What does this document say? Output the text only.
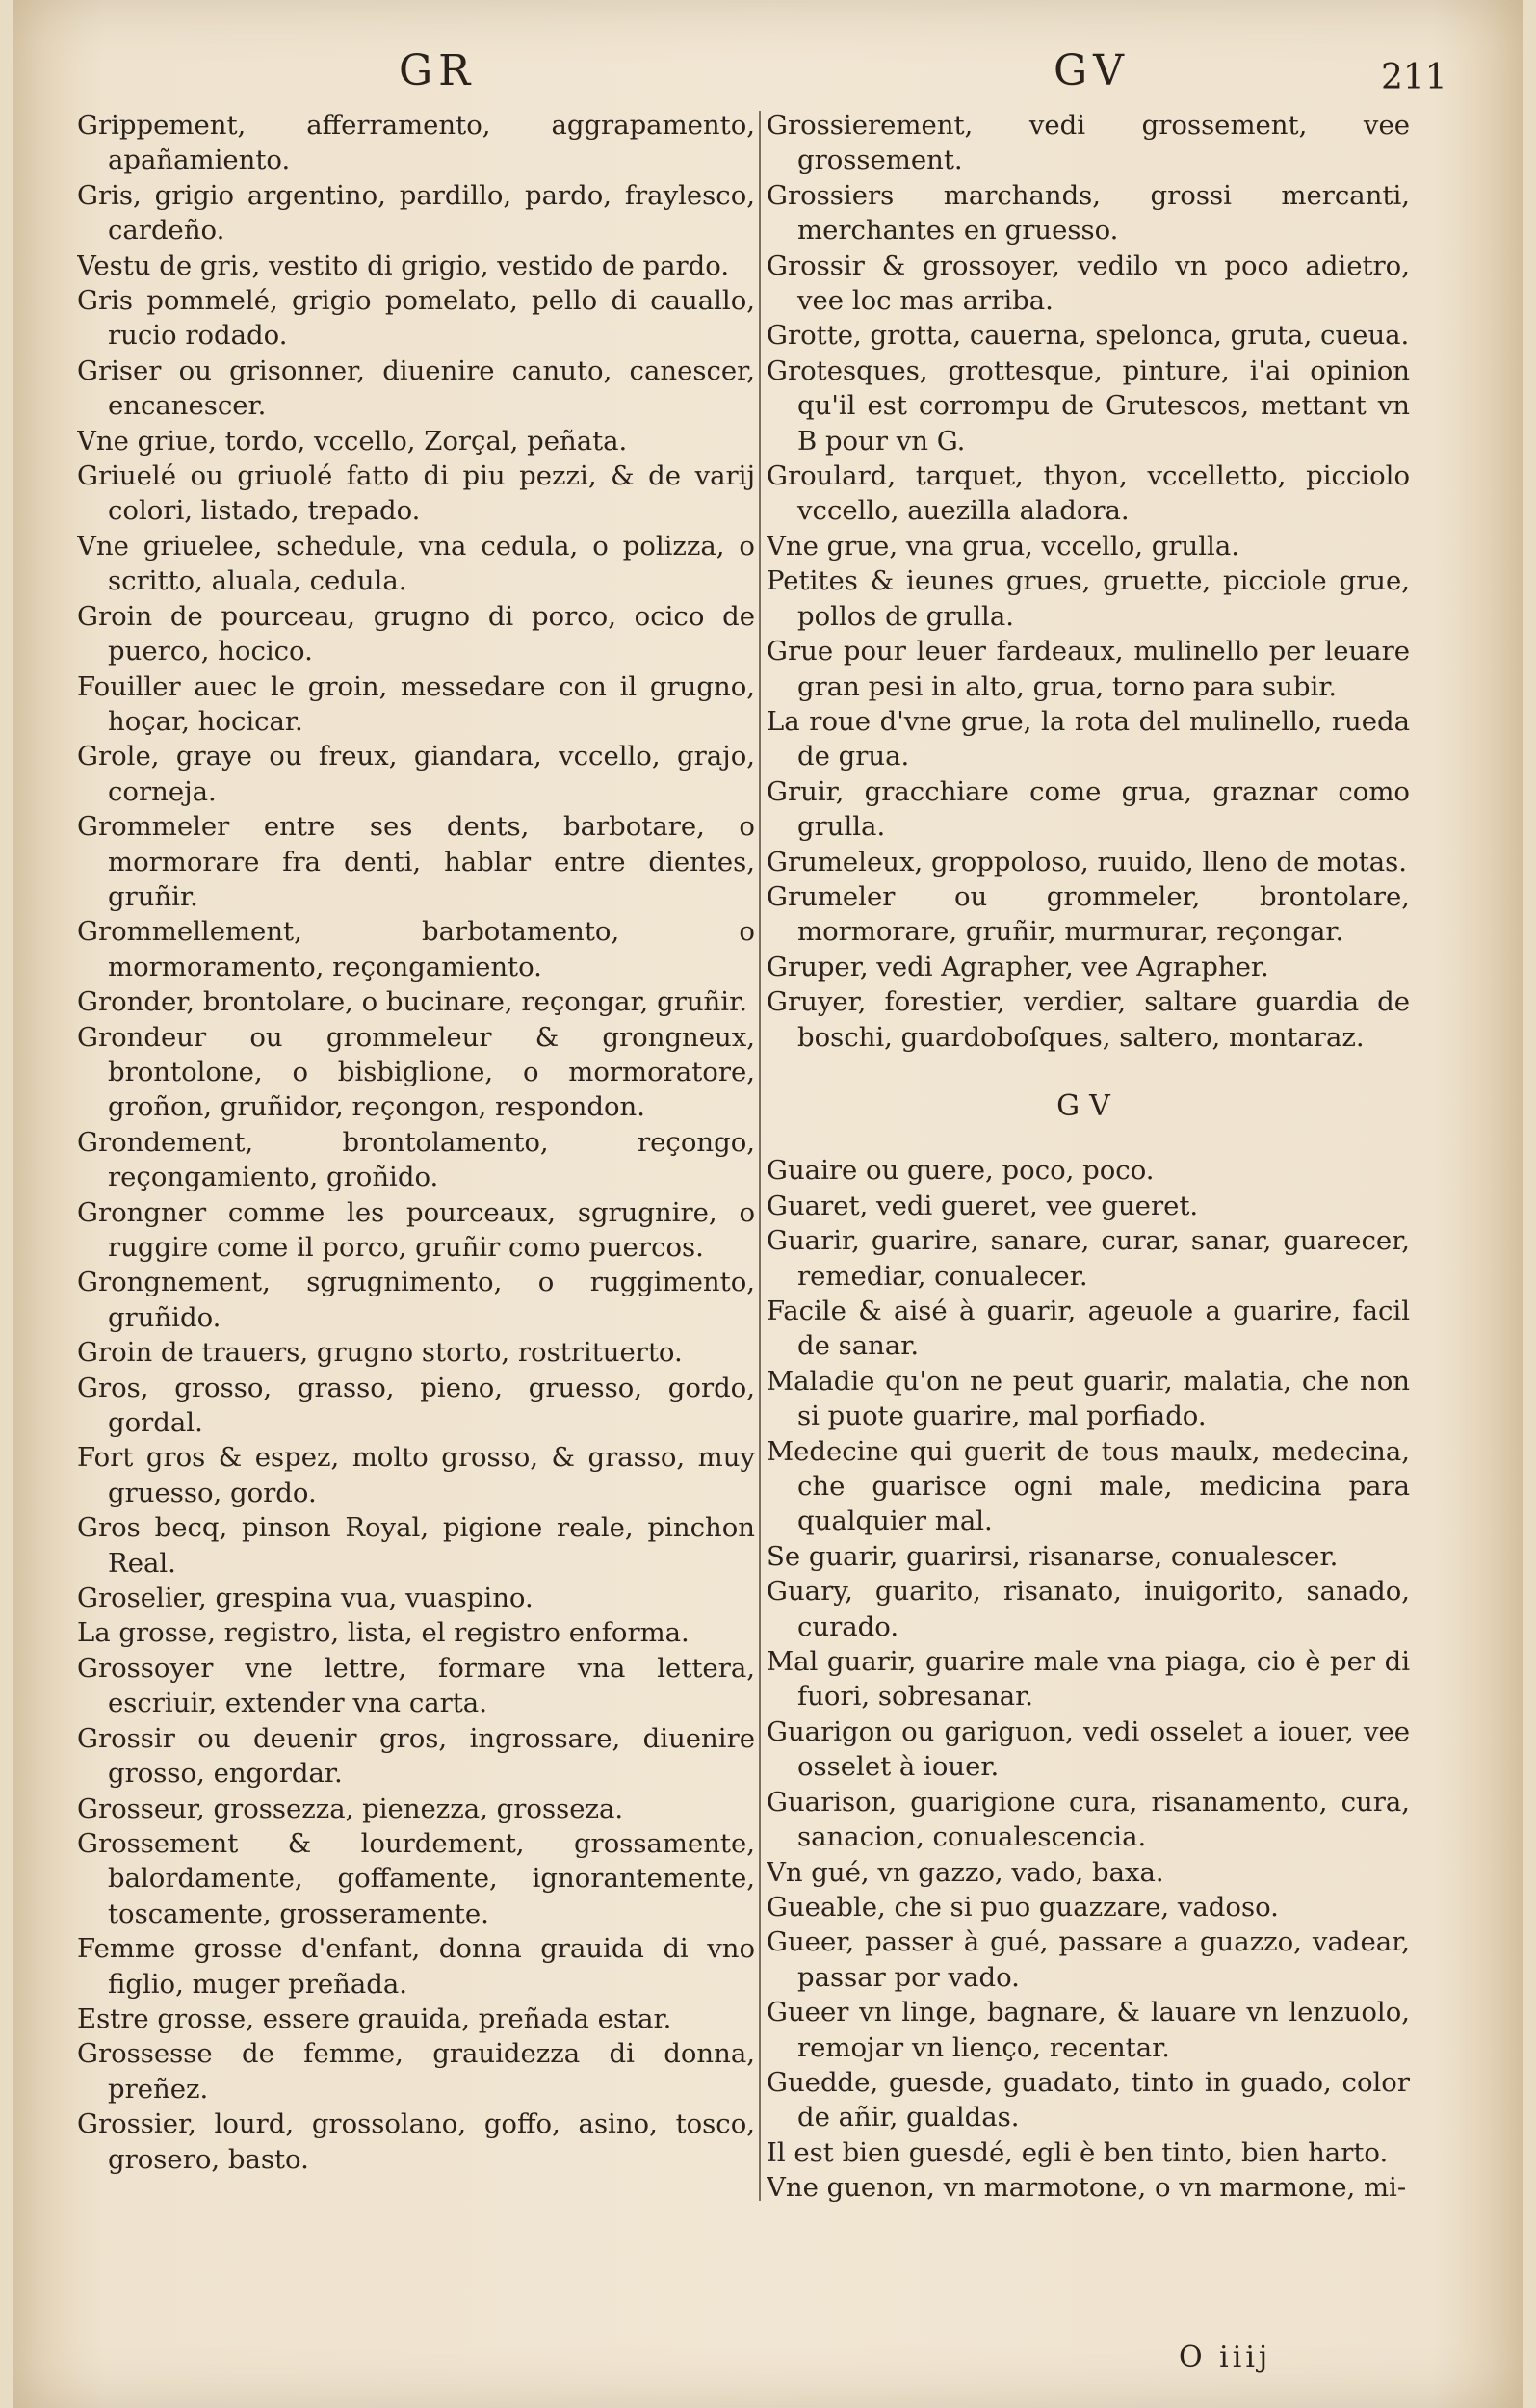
GR	GV	211

Grippement, afferramento, aggrapamento, apañamiento.

Gris, grigio argentino, pardillo, pardo, fraylesco, cardeño.

Vestu de gris, vestito di grigio, vestido de pardo.

Gris pommelé, grigio pomelato, pello di cauallo, rucio rodado.

Griser ou grisonner, diuenire canuto, canescer, encanescer.

Vne griue, tordo, vccello, Zorçal, peñata.

Griuelé ou griuolé fatto di piu pezzi, & de varij colori, listado, trepado.

Vne griuelee, schedule, vna cedula, o polizza, o scritto, aluala, cedula.

Groin de pourceau, grugno di porco, ocico de puerco, hocico.

Fouiller auec le groin, messedare con il grugno, hoçar, hocicar.

Grole, graye ou freux, giandara, vccello, grajo, corneja.

Grommeler entre ses dents, barbotare, o mormorare fra denti, hablar entre dientes, gruñir.

Grommellement, barbotamento, o mormoramento, reçongamiento.

Gronder, brontolare, o bucinare, reçongar, gruñir.

Grondeur ou grommeleur & grongneux, brontolone, o bisbiglione, o mormoratore, groñon, gruñidor, reçongon, respondon.

Grondement, brontolamento, reçongo, reçongamiento, groñido.

Grongner comme les pourceaux, sgrugnire, o ruggire come il porco, gruñir como puercos.

Grongnement, sgrugnimento, o ruggimento, gruñido.

Groin de trauers, grugno storto, rostrituerto.

Gros, grosso, grasso, pieno, gruesso, gordo, gordal.

Fort gros & espez, molto grosso, & grasso, muy gruesso, gordo.

Gros becq, pinson Royal, pigione reale, pinchon Real.

Groselier, grespina vua, vuaspino.

La grosse, registro, lista, el registro enforma.

Grossoyer vne lettre, formare vna lettera, escriuir, extender vna carta.

Grossir ou deuenir gros, ingrossare, diuenire grosso, engordar.

Grosseur, grossezza, pienezza, grosseza.

Grossement & lourdement, grossamente, balordamente, goffamente, ignorantemente, toscamente, grosseramente.

Femme grosse d'enfant, donna grauida di vno figlio, muger preñada.

Estre grosse, essere grauida, preñada estar.

Grossesse de femme, grauidezza di donna, preñez.

Grossier, lourd, grossolano, goffo, asino, tosco, grosero, basto.

Grossierement, vedi grossement, vee grossement.

Grossiers marchands, grossi mercanti, merchantes en gruesso.

Grossir & grossoyer, vedilo vn poco adietro, vee loc mas arriba.

Grotte, grotta, cauerna, spelonca, gruta, cueua.

Grotesques, grottesque, pinture, i'ai opinion qu'il est corrompu de Grutescos, mettant vn B pour vn G.

Groulard, tarquet, thyon, vccelletto, picciolo vccello, auezilla aladora.

Vne grue, vna grua, vccello, grulla.

Petites & ieunes grues, gruette, picciole grue, pollos de grulla.

Grue pour leuer fardeaux, mulinello per leuare gran pesi in alto, grua, torno para subir.

La roue d'vne grue, la rota del mulinello, rueda de grua.

Gruir, gracchiare come grua, graznar como grulla.

Grumeleux, groppoloso, ruuido, lleno de motas.

Grumeler ou grommeler, brontolare, mormorare, gruñir, murmurar, reçongar.

Gruper, vedi Agrapher, vee Agrapher.

Gruyer, forestier, verdier, saltare guardia de boschi, guardoboſques, saltero, montaraz.

GV

Guaire ou guere, poco, poco.

Guaret, vedi gueret, vee gueret.

Guarir, guarire, sanare, curar, sanar, guarecer, remediar, conualecer.

Facile & aisé à guarir, ageuole a guarire, facil de sanar.

Maladie qu'on ne peut guarir, malatia, che non si puote guarire, mal porfiado.

Medecine qui guerit de tous maulx, medecina, che guarisce ogni male, medicina para qualquier mal.

Se guarir, guarirsi, risanarse, conualescer.

Guary, guarito, risanato, inuigorito, sanado, curado.

Mal guarir, guarire male vna piaga, cio è per di fuori, sobresanar.

Guarigon ou gariguon, vedi osselet a iouer, vee osselet à iouer.

Guarison, guarigione cura, risanamento, cura, sanacion, conualescencia.

Vn gué, vn gazzo, vado, baxa.

Gueable, che si puo guazzare, vadoso.

Gueer, passer à gué, passare a guazzo, vadear, passar por vado.

Gueer vn linge, bagnare, & lauare vn lenzuolo, remojar vn lienço, recentar.

Guedde, guesde, guadato, tinto in guado, color de añir, gualdas.

Il est bien guesdé, egli è ben tinto, bien harto.

Vne guenon, vn marmotone, o vn marmone, mi-

O iiij
